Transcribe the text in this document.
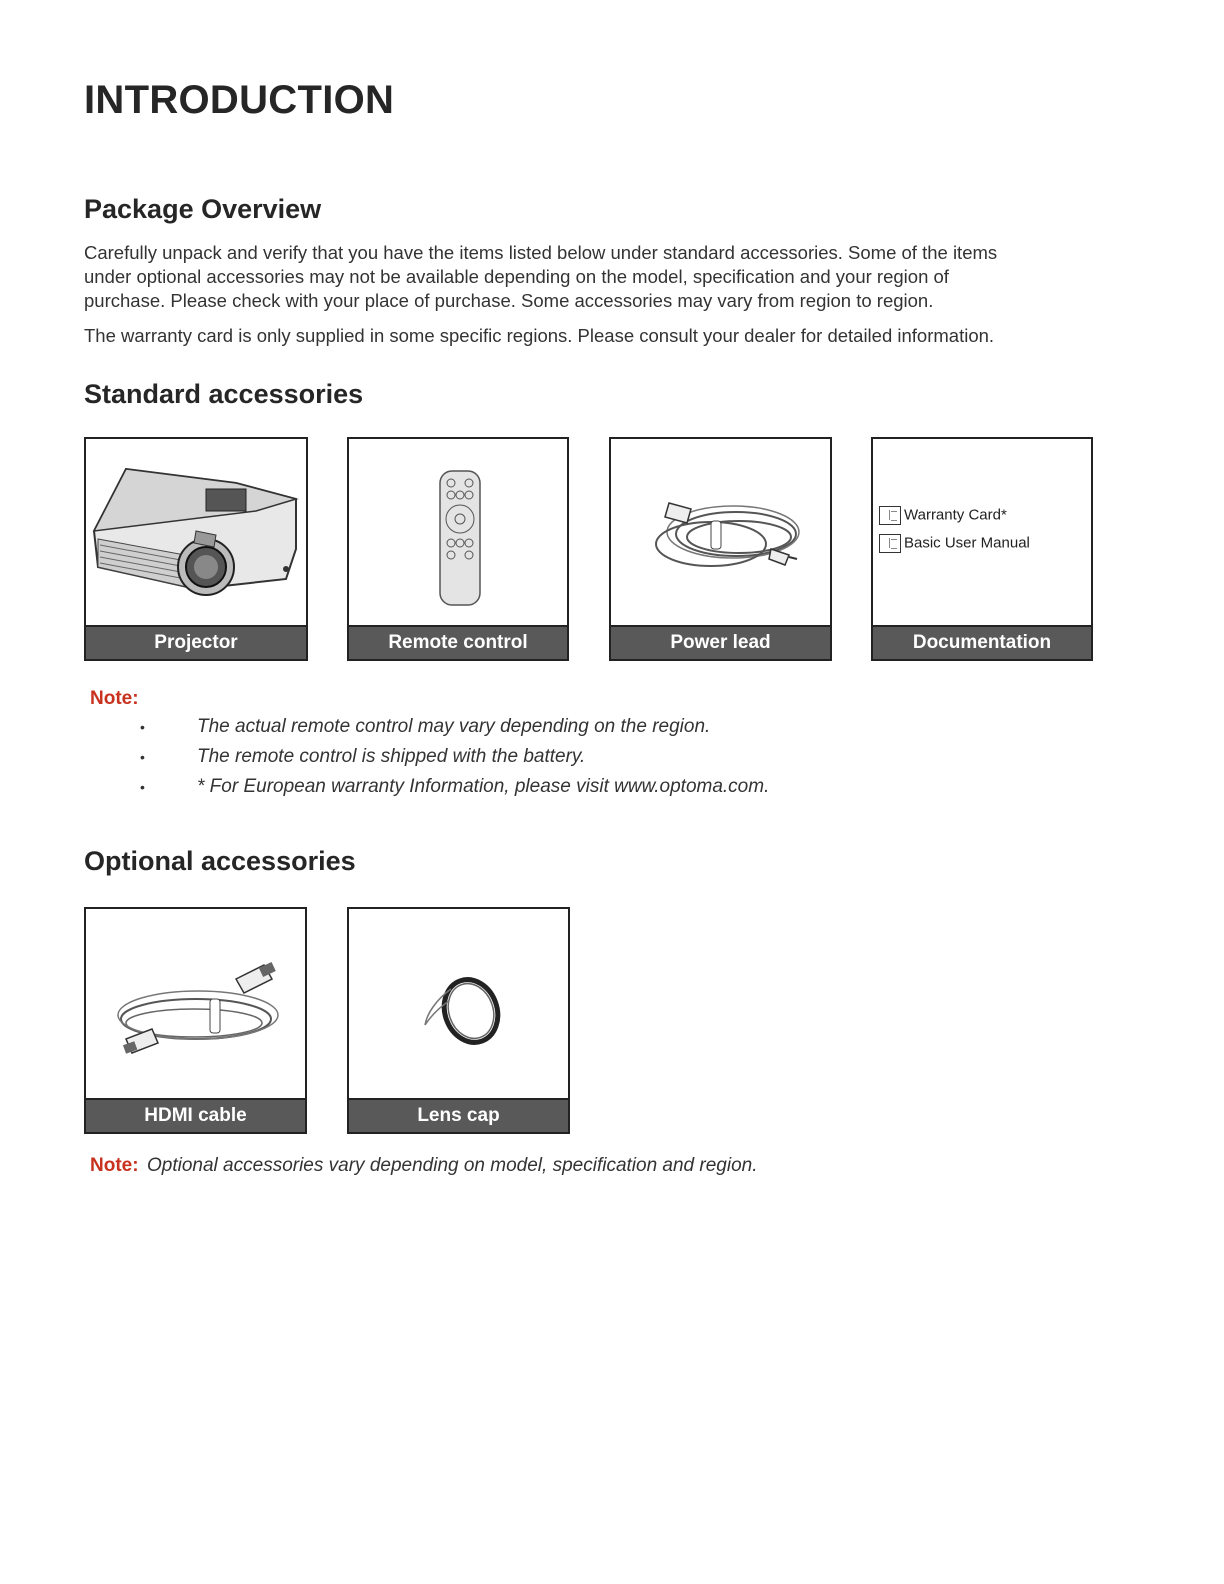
INTRODUCTION
Package Overview

Carefully unpack and verify that you have the items listed below under standard accessories. Some of the items

under optional accessories may not be available depending on the model, specification and your region of

purchase. Please check with your place of purchase. Some accessories may vary from region to region.

The warranty card is only supplied in some specific regions. Please consult your dealer for detailed information.

Standard accessories
Projector	Remote control	Power lead
Warranty Card*
Basic User Manual
Documentation
Note:
•	The actual remote control may vary depending on the region.
•	The remote control is shipped with the battery.
•	* For European warranty Information, please visit www.optoma.com.
Optional accessories
HDMI cable	Lens cap
Note: Optional accessories vary depending on model, specification and region.
